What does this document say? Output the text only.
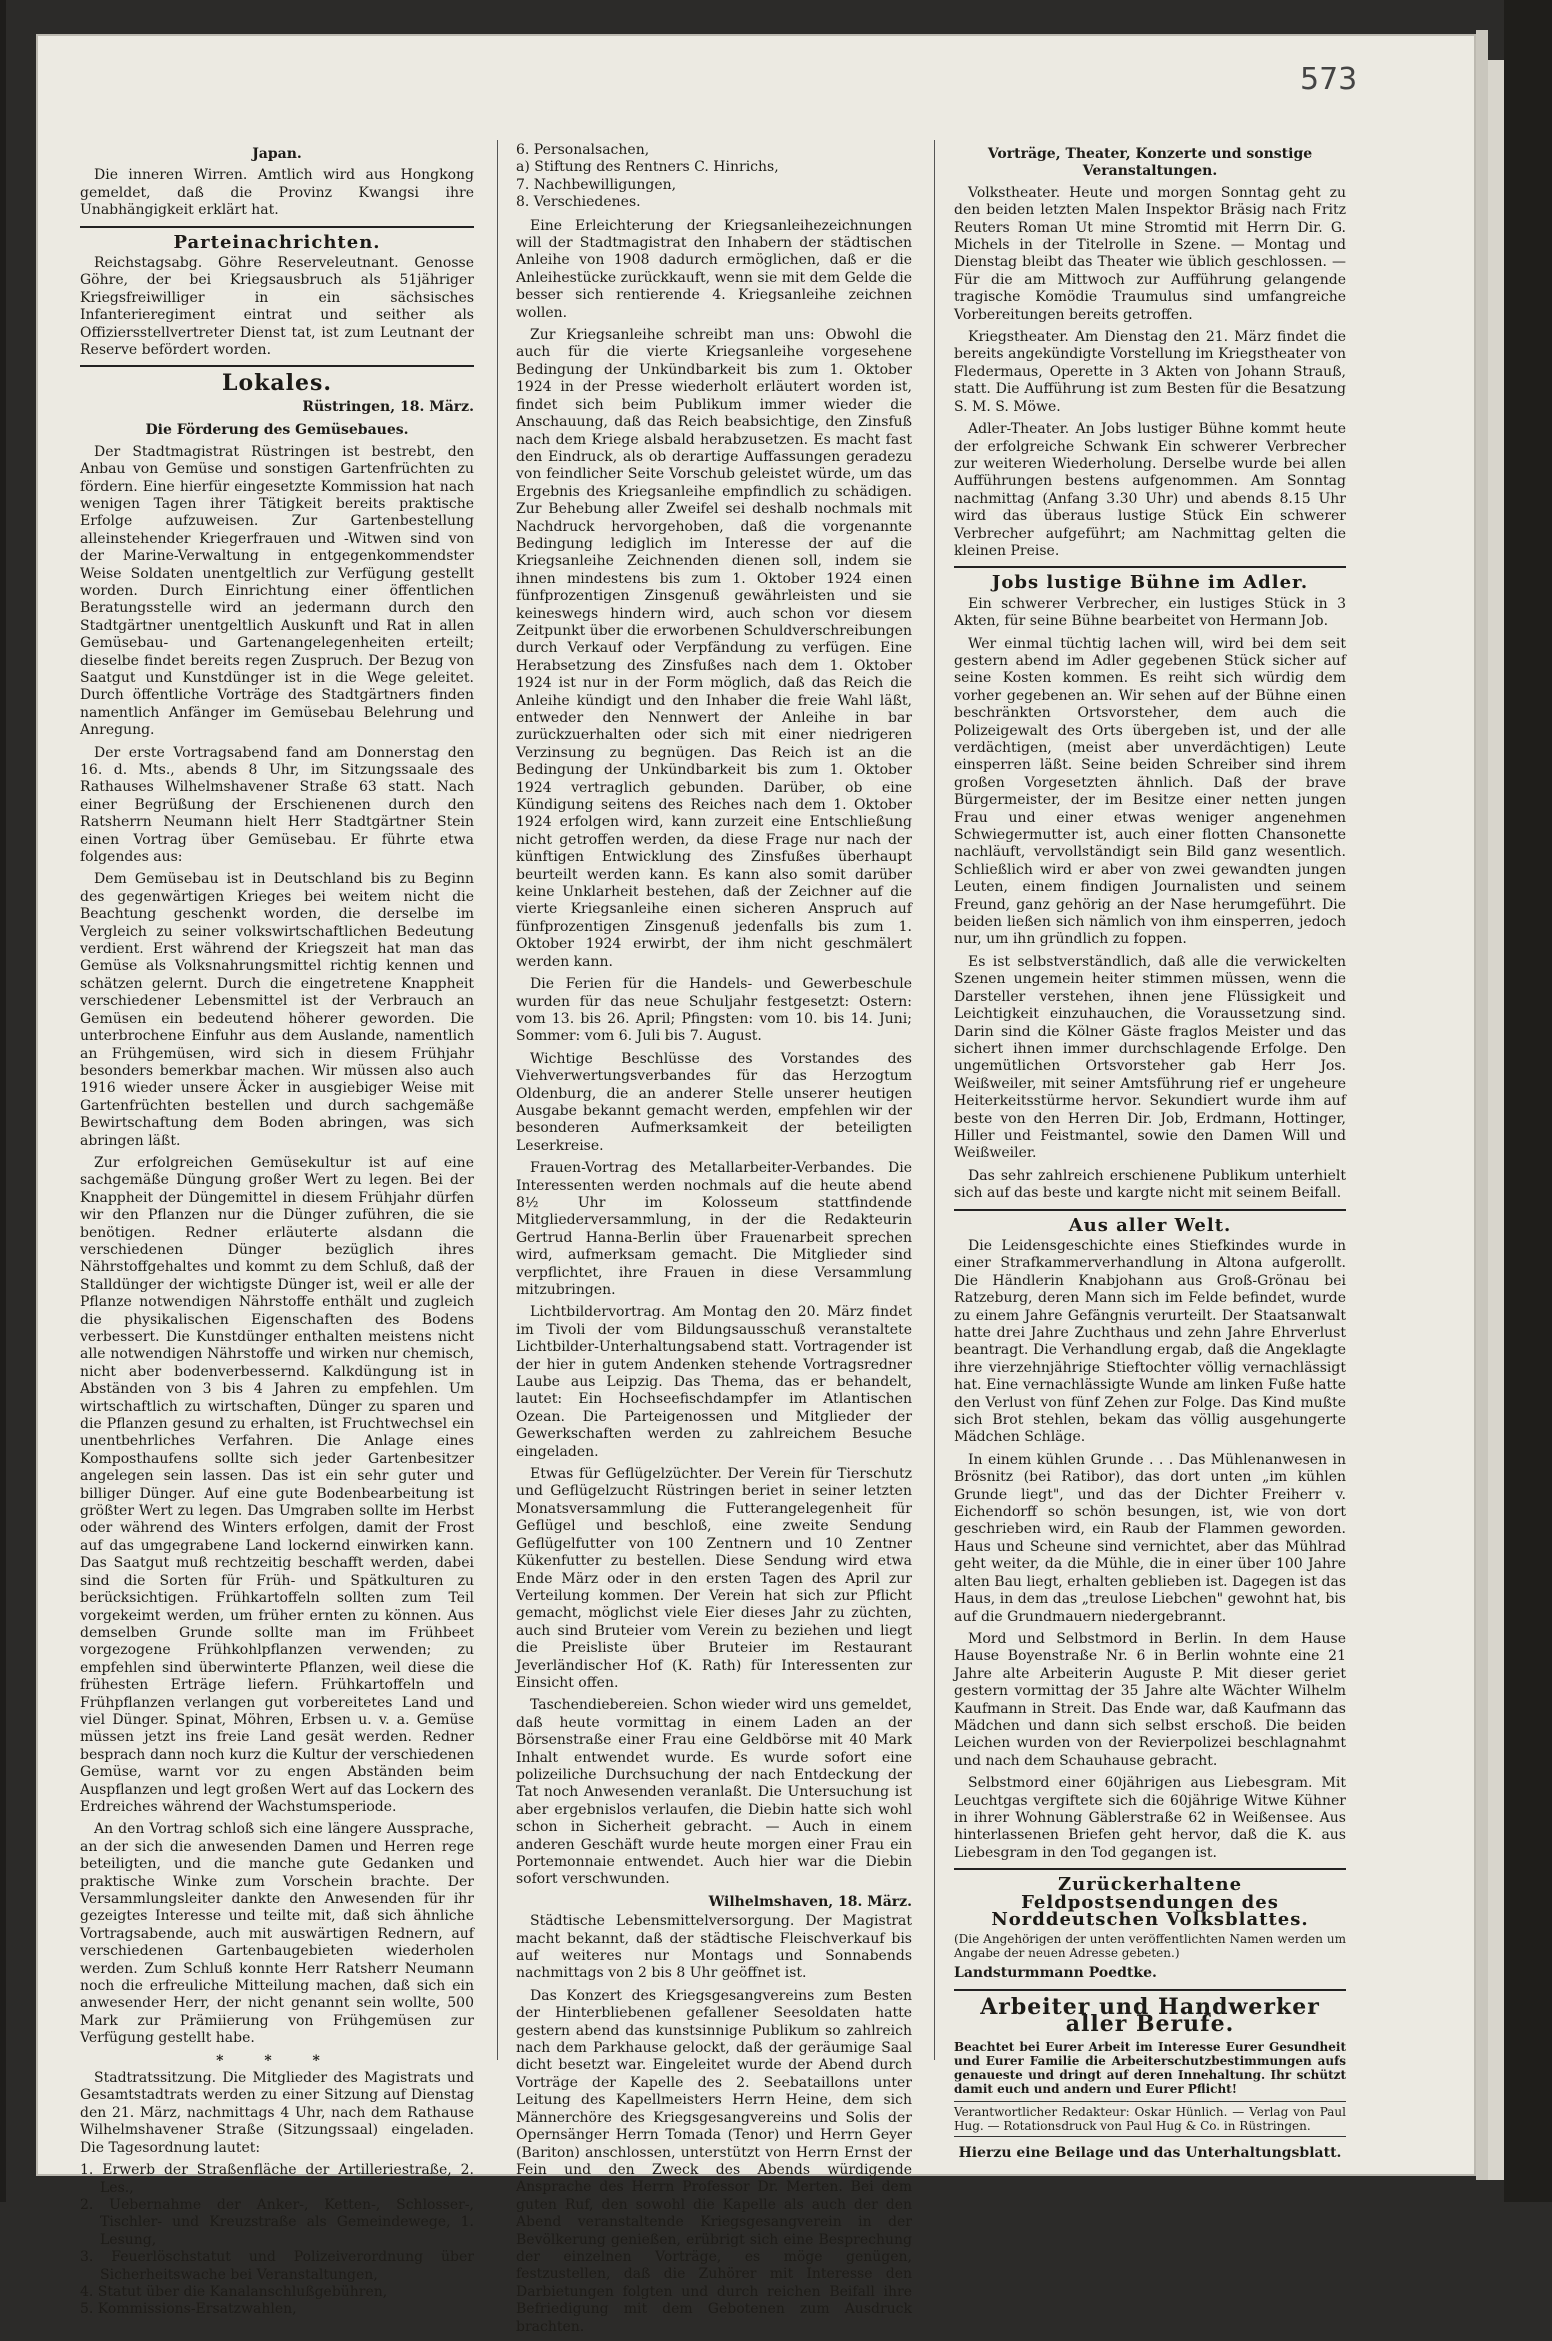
573
Japan.

Die inneren Wirren. Amtlich wird aus Hongkong gemeldet, daß die Provinz Kwangsi ihre Unabhängigkeit erklärt hat.

Parteinachrichten.

Reichstagsabg. Göhre Reserveleutnant. Genosse Göhre, der bei Kriegsausbruch als 51jähriger Kriegsfreiwilliger in ein sächsisches Infanterieregiment eintrat und seither als Offiziersstellvertreter Dienst tat, ist zum Leutnant der Reserve befördert worden.

Lokales.
Rüstringen, 18. März.
Die Förderung des Gemüsebaues.

Der Stadtmagistrat Rüstringen ist bestrebt, den Anbau von Gemüse und sonstigen Gartenfrüchten zu fördern. Eine hierfür eingesetzte Kommission hat nach wenigen Tagen ihrer Tätigkeit bereits praktische Erfolge aufzuweisen. Zur Gartenbestellung alleinstehender Kriegerfrauen und -Witwen sind von der Marine-Verwaltung in entgegenkommendster Weise Soldaten unentgeltlich zur Verfügung gestellt worden. Durch Einrichtung einer öffentlichen Beratungsstelle wird an jedermann durch den Stadtgärtner unentgeltlich Auskunft und Rat in allen Gemüsebau- und Gartenangelegenheiten erteilt; dieselbe findet bereits regen Zuspruch. Der Bezug von Saatgut und Kunstdünger ist in die Wege geleitet. Durch öffentliche Vorträge des Stadtgärtners finden namentlich Anfänger im Gemüsebau Belehrung und Anregung.

Der erste Vortragsabend fand am Donnerstag den 16. d. Mts., abends 8 Uhr, im Sitzungssaale des Rathauses Wilhelmshavener Straße 63 statt. Nach einer Begrüßung der Erschienenen durch den Ratsherrn Neumann hielt Herr Stadtgärtner Stein einen Vortrag über Gemüsebau. Er führte etwa folgendes aus:

Dem Gemüsebau ist in Deutschland bis zu Beginn des gegenwärtigen Krieges bei weitem nicht die Beachtung geschenkt worden, die derselbe im Vergleich zu seiner volkswirtschaftlichen Bedeutung verdient. Erst während der Kriegszeit hat man das Gemüse als Volksnahrungsmittel richtig kennen und schätzen gelernt. Durch die eingetretene Knappheit verschiedener Lebensmittel ist der Verbrauch an Gemüsen ein bedeutend höherer geworden. Die unterbrochene Einfuhr aus dem Auslande, namentlich an Frühgemüsen, wird sich in diesem Frühjahr besonders bemerkbar machen. Wir müssen also auch 1916 wieder unsere Äcker in ausgiebiger Weise mit Gartenfrüchten bestellen und durch sachgemäße Bewirtschaftung dem Boden abringen, was sich abringen läßt.

Zur erfolgreichen Gemüsekultur ist auf eine sachgemäße Düngung großer Wert zu legen. Bei der Knappheit der Düngemittel in diesem Frühjahr dürfen wir den Pflanzen nur die Dünger zuführen, die sie benötigen. Redner erläuterte alsdann die verschiedenen Dünger bezüglich ihres Nährstoffgehaltes und kommt zu dem Schluß, daß der Stalldünger der wichtigste Dünger ist, weil er alle der Pflanze notwendigen Nährstoffe enthält und zugleich die physikalischen Eigenschaften des Bodens verbessert. Die Kunstdünger enthalten meistens nicht alle notwendigen Nährstoffe und wirken nur chemisch, nicht aber bodenverbessernd. Kalkdüngung ist in Abständen von 3 bis 4 Jahren zu empfehlen. Um wirtschaftlich zu wirtschaften, Dünger zu sparen und die Pflanzen gesund zu erhalten, ist Fruchtwechsel ein unentbehrliches Verfahren. Die Anlage eines Komposthaufens sollte sich jeder Gartenbesitzer angelegen sein lassen. Das ist ein sehr guter und billiger Dünger. Auf eine gute Bodenbearbeitung ist größter Wert zu legen. Das Umgraben sollte im Herbst oder während des Winters erfolgen, damit der Frost auf das umgegrabene Land lockernd einwirken kann. Das Saatgut muß rechtzeitig beschafft werden, dabei sind die Sorten für Früh- und Spätkulturen zu berücksichtigen. Frühkartoffeln sollten zum Teil vorgekeimt werden, um früher ernten zu können. Aus demselben Grunde sollte man im Frühbeet vorgezogene Frühkohlpflanzen verwenden; zu empfehlen sind überwinterte Pflanzen, weil diese die frühesten Erträge liefern. Frühkartoffeln und Frühpflanzen verlangen gut vorbereitetes Land und viel Dünger. Spinat, Möhren, Erbsen u. v. a. Gemüse müssen jetzt ins freie Land gesät werden. Redner besprach dann noch kurz die Kultur der verschiedenen Gemüse, warnt vor zu engen Abständen beim Auspflanzen und legt großen Wert auf das Lockern des Erdreiches während der Wachstumsperiode.

An den Vortrag schloß sich eine längere Aussprache, an der sich die anwesenden Damen und Herren rege beteiligten, und die manche gute Gedanken und praktische Winke zum Vorschein brachte. Der Versammlungsleiter dankte den Anwesenden für ihr gezeigtes Interesse und teilte mit, daß sich ähnliche Vortragsabende, auch mit auswärtigen Rednern, auf verschiedenen Gartenbaugebieten wiederholen werden. Zum Schluß konnte Herr Ratsherr Neumann noch die erfreuliche Mitteilung machen, daß sich ein anwesender Herr, der nicht genannt sein wollte, 500 Mark zur Prämiierung von Frühgemüsen zur Verfügung gestellt habe.

* * *

Stadtratssitzung. Die Mitglieder des Magistrats und Gesamtstadtrats werden zu einer Sitzung auf Dienstag den 21. März, nachmittags 4 Uhr, nach dem Rathause Wilhelmshavener Straße (Sitzungssaal) eingeladen. Die Tagesordnung lautet:

1. Erwerb der Straßenfläche der Artilleriestraße, 2. Les.,
2. Uebernahme der Anker-, Ketten-, Schlosser-, Tischler- und Kreuzstraße als Gemeindewege, 1. Lesung,
3. Feuerlöschstatut und Polizeiverordnung über Sicherheitswache bei Veranstaltungen,
4. Statut über die Kanalanschlußgebühren,
5. Kommissions-Ersatzwahlen,
6. Personalsachen,
a) Stiftung des Rentners C. Hinrichs,
7. Nachbewilligungen,
8. Verschiedenes.

Eine Erleichterung der Kriegsanleihezeichnungen will der Stadtmagistrat den Inhabern der städtischen Anleihe von 1908 dadurch ermöglichen, daß er die Anleihestücke zurückkauft, wenn sie mit dem Gelde die besser sich rentierende 4. Kriegsanleihe zeichnen wollen.

Zur Kriegsanleihe schreibt man uns: Obwohl die auch für die vierte Kriegsanleihe vorgesehene Bedingung der Unkündbarkeit bis zum 1. Oktober 1924 in der Presse wiederholt erläutert worden ist, findet sich beim Publikum immer wieder die Anschauung, daß das Reich beabsichtige, den Zinsfuß nach dem Kriege alsbald herabzusetzen. Es macht fast den Eindruck, als ob derartige Auffassungen geradezu von feindlicher Seite Vorschub geleistet würde, um das Ergebnis des Kriegsanleihe empfindlich zu schädigen. Zur Behebung aller Zweifel sei deshalb nochmals mit Nachdruck hervorgehoben, daß die vorgenannte Bedingung lediglich im Interesse der auf die Kriegsanleihe Zeichnenden dienen soll, indem sie ihnen mindestens bis zum 1. Oktober 1924 einen fünfprozentigen Zinsgenuß gewährleisten und sie keineswegs hindern wird, auch schon vor diesem Zeitpunkt über die erworbenen Schuldverschreibungen durch Verkauf oder Verpfändung zu verfügen. Eine Herabsetzung des Zinsfußes nach dem 1. Oktober 1924 ist nur in der Form möglich, daß das Reich die Anleihe kündigt und den Inhaber die freie Wahl läßt, entweder den Nennwert der Anleihe in bar zurückzuerhalten oder sich mit einer niedrigeren Verzinsung zu begnügen. Das Reich ist an die Bedingung der Unkündbarkeit bis zum 1. Oktober 1924 vertraglich gebunden. Darüber, ob eine Kündigung seitens des Reiches nach dem 1. Oktober 1924 erfolgen wird, kann zurzeit eine Entschließung nicht getroffen werden, da diese Frage nur nach der künftigen Entwicklung des Zinsfußes überhaupt beurteilt werden kann. Es kann also somit darüber keine Unklarheit bestehen, daß der Zeichner auf die vierte Kriegsanleihe einen sicheren Anspruch auf fünfprozentigen Zinsgenuß jedenfalls bis zum 1. Oktober 1924 erwirbt, der ihm nicht geschmälert werden kann.

Die Ferien für die Handels- und Gewerbeschule wurden für das neue Schuljahr festgesetzt: Ostern: vom 13. bis 26. April; Pfingsten: vom 10. bis 14. Juni; Sommer: vom 6. Juli bis 7. August.

Wichtige Beschlüsse des Vorstandes des Viehverwertungsverbandes für das Herzogtum Oldenburg, die an anderer Stelle unserer heutigen Ausgabe bekannt gemacht werden, empfehlen wir der besonderen Aufmerksamkeit der beteiligten Leserkreise.

Frauen-Vortrag des Metallarbeiter-Verbandes. Die Interessenten werden nochmals auf die heute abend 8½ Uhr im Kolosseum stattfindende Mitgliederversammlung, in der die Redakteurin Gertrud Hanna-Berlin über Frauenarbeit sprechen wird, aufmerksam gemacht. Die Mitglieder sind verpflichtet, ihre Frauen in diese Versammlung mitzubringen.

Lichtbildervortrag. Am Montag den 20. März findet im Tivoli der vom Bildungsausschuß veranstaltete Lichtbilder-Unterhaltungsabend statt. Vortragender ist der hier in gutem Andenken stehende Vortragsredner Laube aus Leipzig. Das Thema, das er behandelt, lautet: Ein Hochseefischdampfer im Atlantischen Ozean. Die Parteigenossen und Mitglieder der Gewerkschaften werden zu zahlreichem Besuche eingeladen.

Etwas für Geflügelzüchter. Der Verein für Tierschutz und Geflügelzucht Rüstringen beriet in seiner letzten Monatsversammlung die Futterangelegenheit für Geflügel und beschloß, eine zweite Sendung Geflügelfutter von 100 Zentnern und 10 Zentner Kükenfutter zu bestellen. Diese Sendung wird etwa Ende März oder in den ersten Tagen des April zur Verteilung kommen. Der Verein hat sich zur Pflicht gemacht, möglichst viele Eier dieses Jahr zu züchten, auch sind Bruteier vom Verein zu beziehen und liegt die Preisliste über Bruteier im Restaurant Jeverländischer Hof (K. Rath) für Interessenten zur Einsicht offen.

Taschendiebereien. Schon wieder wird uns gemeldet, daß heute vormittag in einem Laden an der Börsenstraße einer Frau eine Geldbörse mit 40 Mark Inhalt entwendet wurde. Es wurde sofort eine polizeiliche Durchsuchung der nach Entdeckung der Tat noch Anwesenden veranlaßt. Die Untersuchung ist aber ergebnislos verlaufen, die Diebin hatte sich wohl schon in Sicherheit gebracht. — Auch in einem anderen Geschäft wurde heute morgen einer Frau ein Portemonnaie entwendet. Auch hier war die Diebin sofort verschwunden.

Wilhelmshaven, 18. März.

Städtische Lebensmittelversorgung. Der Magistrat macht bekannt, daß der städtische Fleischverkauf bis auf weiteres nur Montags und Sonnabends nachmittags von 2 bis 8 Uhr geöffnet ist.

Das Konzert des Kriegsgesangvereins zum Besten der Hinterbliebenen gefallener Seesoldaten hatte gestern abend das kunstsinnige Publikum so zahlreich nach dem Parkhause gelockt, daß der geräumige Saal dicht besetzt war. Eingeleitet wurde der Abend durch Vorträge der Kapelle des 2. Seebataillons unter Leitung des Kapellmeisters Herrn Heine, dem sich Männerchöre des Kriegsgesangvereins und Solis der Opernsänger Herrn Tomada (Tenor) und Herrn Geyer (Bariton) anschlossen, unterstützt von Herrn Ernst der Fein und den Zweck des Abends würdigende Ansprache des Herrn Professor Dr. Merten. Bei dem guten Ruf, den sowohl die Kapelle als auch der den Abend veranstaltende Kriegsgesangverein in der Bevölkerung genießen, erübrigt sich eine Besprechung der einzelnen Vorträge, es möge genügen, festzustellen, daß die Zuhörer mit Interesse den Darbietungen folgten und durch reichen Beifall ihre Befriedigung mit dem Gebotenen zum Ausdruck brachten.

Vorträge, Theater, Konzerte und sonstige Veranstaltungen.

Volkstheater. Heute und morgen Sonntag geht zu den beiden letzten Malen Inspektor Bräsig nach Fritz Reuters Roman Ut mine Stromtid mit Herrn Dir. G. Michels in der Titelrolle in Szene. — Montag und Dienstag bleibt das Theater wie üblich geschlossen. — Für die am Mittwoch zur Aufführung gelangende tragische Komödie Traumulus sind umfangreiche Vorbereitungen bereits getroffen.

Kriegstheater. Am Dienstag den 21. März findet die bereits angekündigte Vorstellung im Kriegstheater von Fledermaus, Operette in 3 Akten von Johann Strauß, statt. Die Aufführung ist zum Besten für die Besatzung S. M. S. Möwe.

Adler-Theater. An Jobs lustiger Bühne kommt heute der erfolgreiche Schwank Ein schwerer Verbrecher zur weiteren Wiederholung. Derselbe wurde bei allen Aufführungen bestens aufgenommen. Am Sonntag nachmittag (Anfang 3.30 Uhr) und abends 8.15 Uhr wird das überaus lustige Stück Ein schwerer Verbrecher aufgeführt; am Nachmittag gelten die kleinen Preise.

Jobs lustige Bühne im Adler.

Ein schwerer Verbrecher, ein lustiges Stück in 3 Akten, für seine Bühne bearbeitet von Hermann Job.

Wer einmal tüchtig lachen will, wird bei dem seit gestern abend im Adler gegebenen Stück sicher auf seine Kosten kommen. Es reiht sich würdig dem vorher gegebenen an. Wir sehen auf der Bühne einen beschränkten Ortsvorsteher, dem auch die Polizeigewalt des Orts übergeben ist, und der alle verdächtigen, (meist aber unverdächtigen) Leute einsperren läßt. Seine beiden Schreiber sind ihrem großen Vorgesetzten ähnlich. Daß der brave Bürgermeister, der im Besitze einer netten jungen Frau und einer etwas weniger angenehmen Schwiegermutter ist, auch einer flotten Chansonette nachläuft, vervollständigt sein Bild ganz wesentlich. Schließlich wird er aber von zwei gewandten jungen Leuten, einem findigen Journalisten und seinem Freund, ganz gehörig an der Nase herumgeführt. Die beiden ließen sich nämlich von ihm einsperren, jedoch nur, um ihn gründlich zu foppen.

Es ist selbstverständlich, daß alle die verwickelten Szenen ungemein heiter stimmen müssen, wenn die Darsteller verstehen, ihnen jene Flüssigkeit und Leichtigkeit einzuhauchen, die Voraussetzung sind. Darin sind die Kölner Gäste fraglos Meister und das sichert ihnen immer durchschlagende Erfolge. Den ungemütlichen Ortsvorsteher gab Herr Jos. Weißweiler, mit seiner Amtsführung rief er ungeheure Heiterkeitsstürme hervor. Sekundiert wurde ihm auf beste von den Herren Dir. Job, Erdmann, Hottinger, Hiller und Feistmantel, sowie den Damen Will und Weißweiler.

Das sehr zahlreich erschienene Publikum unterhielt sich auf das beste und kargte nicht mit seinem Beifall.

Aus aller Welt.

Die Leidensgeschichte eines Stiefkindes wurde in einer Strafkammerverhandlung in Altona aufgerollt. Die Händlerin Knabjohann aus Groß-Grönau bei Ratzeburg, deren Mann sich im Felde befindet, wurde zu einem Jahre Gefängnis verurteilt. Der Staatsanwalt hatte drei Jahre Zuchthaus und zehn Jahre Ehrverlust beantragt. Die Verhandlung ergab, daß die Angeklagte ihre vierzehnjährige Stieftochter völlig vernachlässigt hat. Eine vernachlässigte Wunde am linken Fuße hatte den Verlust von fünf Zehen zur Folge. Das Kind mußte sich Brot stehlen, bekam das völlig ausgehungerte Mädchen Schläge.

In einem kühlen Grunde . . . Das Mühlenanwesen in Brösnitz (bei Ratibor), das dort unten „im kühlen Grunde liegt", und das der Dichter Freiherr v. Eichendorff so schön besungen, ist, wie von dort geschrieben wird, ein Raub der Flammen geworden. Haus und Scheune sind vernichtet, aber das Mühlrad geht weiter, da die Mühle, die in einer über 100 Jahre alten Bau liegt, erhalten geblieben ist. Dagegen ist das Haus, in dem das „treulose Liebchen" gewohnt hat, bis auf die Grundmauern niedergebrannt.

Mord und Selbstmord in Berlin. In dem Hause Hause Boyenstraße Nr. 6 in Berlin wohnte eine 21 Jahre alte Arbeiterin Auguste P. Mit dieser geriet gestern vormittag der 35 Jahre alte Wächter Wilhelm Kaufmann in Streit. Das Ende war, daß Kaufmann das Mädchen und dann sich selbst erschoß. Die beiden Leichen wurden von der Revierpolizei beschlagnahmt und nach dem Schauhause gebracht.

Selbstmord einer 60jährigen aus Liebesgram. Mit Leuchtgas vergiftete sich die 60jährige Witwe Kühner in ihrer Wohnung Gäblerstraße 62 in Weißensee. Aus hinterlassenen Briefen geht hervor, daß die K. aus Liebesgram in den Tod gegangen ist.

Zurückerhaltene Feldpostsendungen des Norddeutschen Volksblattes.

(Die Angehörigen der unten veröffentlichten Namen werden um Angabe der neuen Adresse gebeten.)

Landsturmmann Poedtke.

Arbeiter und Handwerker aller Berufe.

Beachtet bei Eurer Arbeit im Interesse Eurer Gesundheit und Eurer Familie die Arbeiterschutzbestimmungen aufs genaueste und dringt auf deren Innehaltung. Ihr schützt damit euch und andern und Eurer Pflicht!

Verantwortlicher Redakteur: Oskar Hünlich. — Verlag von Paul Hug. — Rotationsdruck von Paul Hug & Co. in Rüstringen.
Hierzu eine Beilage und das Unterhaltungsblatt.
